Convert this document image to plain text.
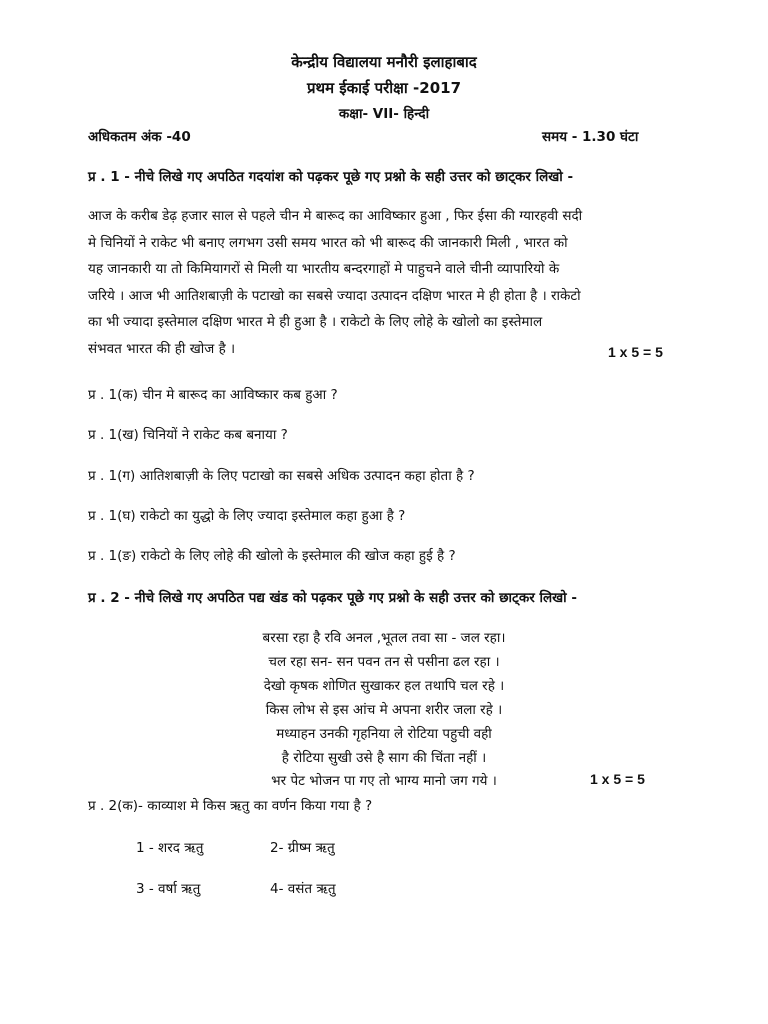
केन्द्रीय विद्यालया मनौरी इलाहाबाद
प्रथम ईकाई परीक्षा -2017
कक्षा- VII- हिन्दी
अधिकतम अंक -40	समय - 1.30 घंटा
प्र . 1 - नीचे लिखे गए अपठित गदयांश को पढ़कर पूछे गए प्रश्नो के सही उत्तर को छाट्कर लिखो -
आज के करीब डेढ़ हजार साल से पहले चीन मे बारूद का आविष्कार हुआ , फिर ईसा की ग्यारहवी सदी
मे चिनियों ने राकेट भी बनाए लगभग उसी समय भारत को भी बारूद की जानकारी मिली , भारत को
यह जानकारी या तो किमियागरों से मिली या भारतीय बन्दरगाहों मे पाहुचने वाले चीनी व्यापारियो के
जरिये । आज भी आतिशबाज़ी के पटाखो का सबसे ज्यादा उत्पादन दक्षिण भारत मे ही होता है । राकेटो
का भी ज्यादा इस्तेमाल दक्षिण भारत मे ही हुआ है । राकेटो के लिए लोहे के खोलो का इस्तेमाल
संभवत भारत की ही खोज है ।	1 x 5 = 5
प्र . 1(क) चीन मे बारूद का आविष्कार कब हुआ ?
प्र . 1(ख) चिनियों ने राकेट कब बनाया ?
प्र . 1(ग) आतिशबाज़ी के लिए पटाखो का सबसे अधिक उत्पादन कहा होता है ?
प्र . 1(घ) राकेटो का युद्धो के लिए ज्यादा इस्तेमाल कहा हुआ है ?
प्र . 1(ङ) राकेटो के लिए लोहे की खोलो के इस्तेमाल की खोज कहा हुई है ?
प्र . 2 - नीचे लिखे गए अपठित पद्य खंड को पढ़कर पूछे गए प्रश्नो के सही उत्तर को छाट्कर लिखो -
बरसा रहा है रवि अनल ,भूतल तवा सा - जल रहा।
चल रहा सन- सन पवन तन से पसीना ढल रहा ।
देखो कृषक शोणित सुखाकर हल तथापि चल रहे ।
किस लोभ से इस आंच मे अपना शरीर जला रहे ।
मध्याहन उनकी गृहनिया ले रोटिया पहुची वही
है रोटिया सुखी उसे है साग की चिंता नहीं ।
भर पेट भोजन पा गए तो भाग्य मानो जग गये ।	1 x 5 = 5
प्र . 2(क)- काव्याश मे किस ऋतु का वर्णन किया गया है ?
1 - शरद ऋतु	2- ग्रीष्म ऋतु
3 - वर्षा ऋतु	4- वसंत ऋतु
